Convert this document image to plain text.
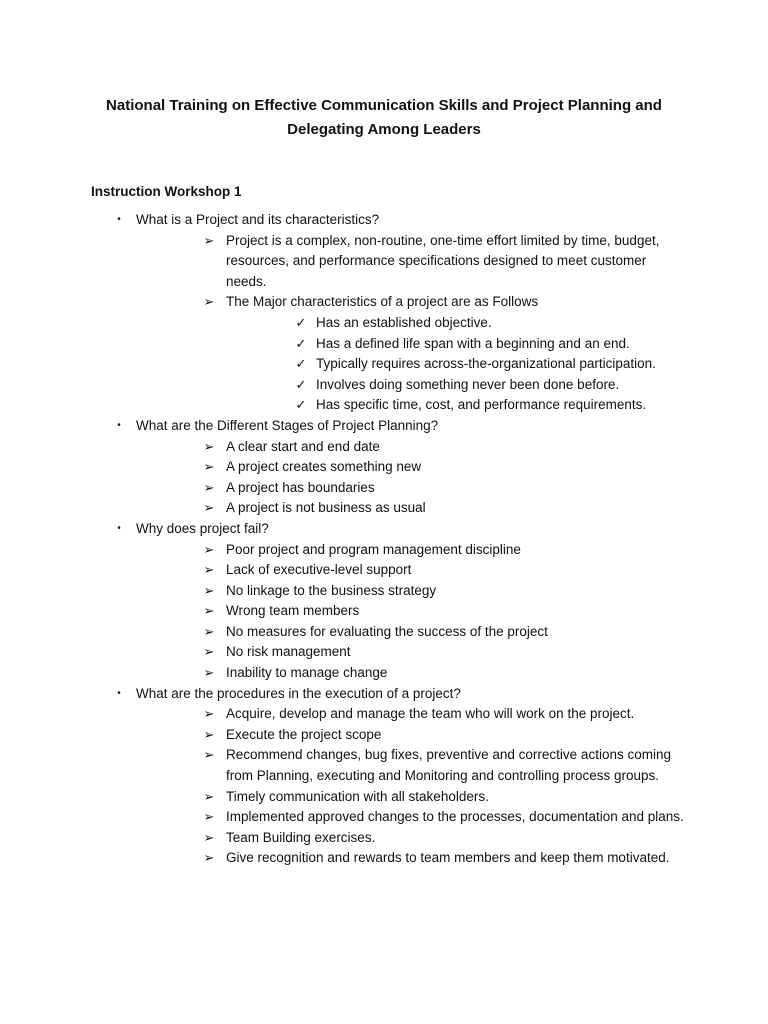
National Training on Effective Communication Skills and Project Planning and
Delegating Among Leaders
Instruction Workshop 1
•	What is a Project and its characteristics?
➢ Project is a complex, non-routine, one-time effort limited by time, budget, resources, and performance specifications designed to meet customer needs.
➢ The Major characteristics of a project are as Follows
✓ Has an established objective.
✓ Has a defined life span with a beginning and an end.
✓ Typically requires across-the-organizational participation.
✓ Involves doing something never been done before.
✓ Has specific time, cost, and performance requirements.
•	What are the Different Stages of Project Planning?
➢ A clear start and end date
➢ A project creates something new
➢ A project has boundaries
➢ A project is not business as usual
•	Why does project fail?
➢ Poor project and program management discipline
➢ Lack of executive-level support
➢ No linkage to the business strategy
➢ Wrong team members
➢ No measures for evaluating the success of the project
➢ No risk management
➢ Inability to manage change
•	What are the procedures in the execution of a project?
➢ Acquire, develop and manage the team who will work on the project.
➢ Execute the project scope
➢ Recommend changes, bug fixes, preventive and corrective actions coming from Planning, executing and Monitoring and controlling process groups.
➢ Timely communication with all stakeholders.
➢ Implemented approved changes to the processes, documentation and plans.
➢ Team Building exercises.
➢ Give recognition and rewards to team members and keep them motivated.
